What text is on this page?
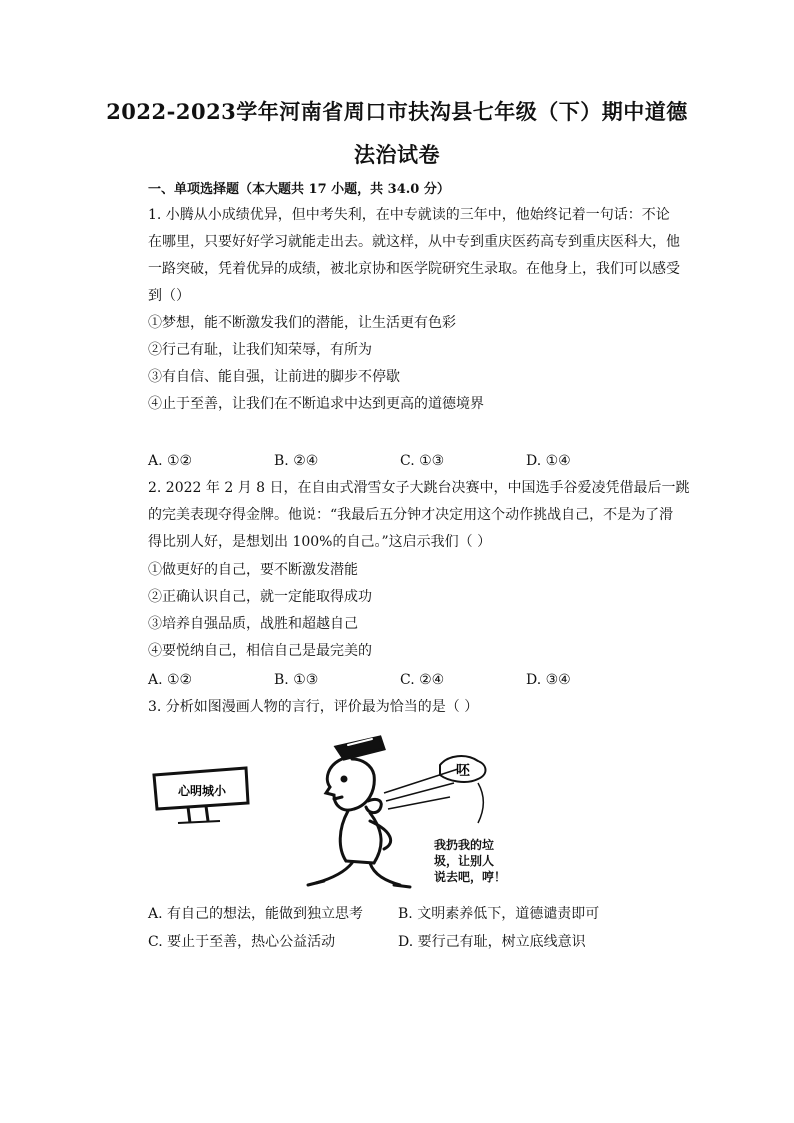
2022-2023学年河南省周口市扶沟县七年级（下）期中道德
法治试卷
一、单项选择题（本大题共 17 小题，共 34.0 分）
1. 小腾从小成绩优异，但中考失利，在中专就读的三年中，他始终记着一句话：不论
在哪里，只要好好学习就能走出去。就这样，从中专到重庆医药高专到重庆医科大，他
一路突破，凭着优异的成绩，被北京协和医学院研究生录取。在他身上，我们可以感受
到（）
①梦想，能不断激发我们的潜能，让生活更有色彩
②行己有耻，让我们知荣辱，有所为
③有自信、能自强，让前进的脚步不停歇
④止于至善，让我们在不断追求中达到更高的道德境界
A. ①②	B. ②④	C. ①③	D. ①④
2. 2022 年 2 月 8 日，在自由式滑雪女子大跳台决赛中，中国选手谷爱凌凭借最后一跳
的完美表现夺得金牌。他说：“我最后五分钟才决定用这个动作挑战自己，不是为了滑
得比别人好，是想划出 100%的自己。”这启示我们（ ）
①做更好的自己，要不断激发潜能
②正确认识自己，就一定能取得成功
③培养自强品质，战胜和超越自己
④要悦纳自己，相信自己是最完美的
A. ①②	B. ①③	C. ②④	D. ③④
3. 分析如图漫画人物的言行，评价最为恰当的是（ ）
心明城小
呸
我扔我的垃
圾，让别人
说去吧，哼！
A. 有自己的想法，能做到独立思考 B. 文明素养低下，道德谴责即可
C. 要止于至善，热心公益活动	D. 要行己有耻，树立底线意识
